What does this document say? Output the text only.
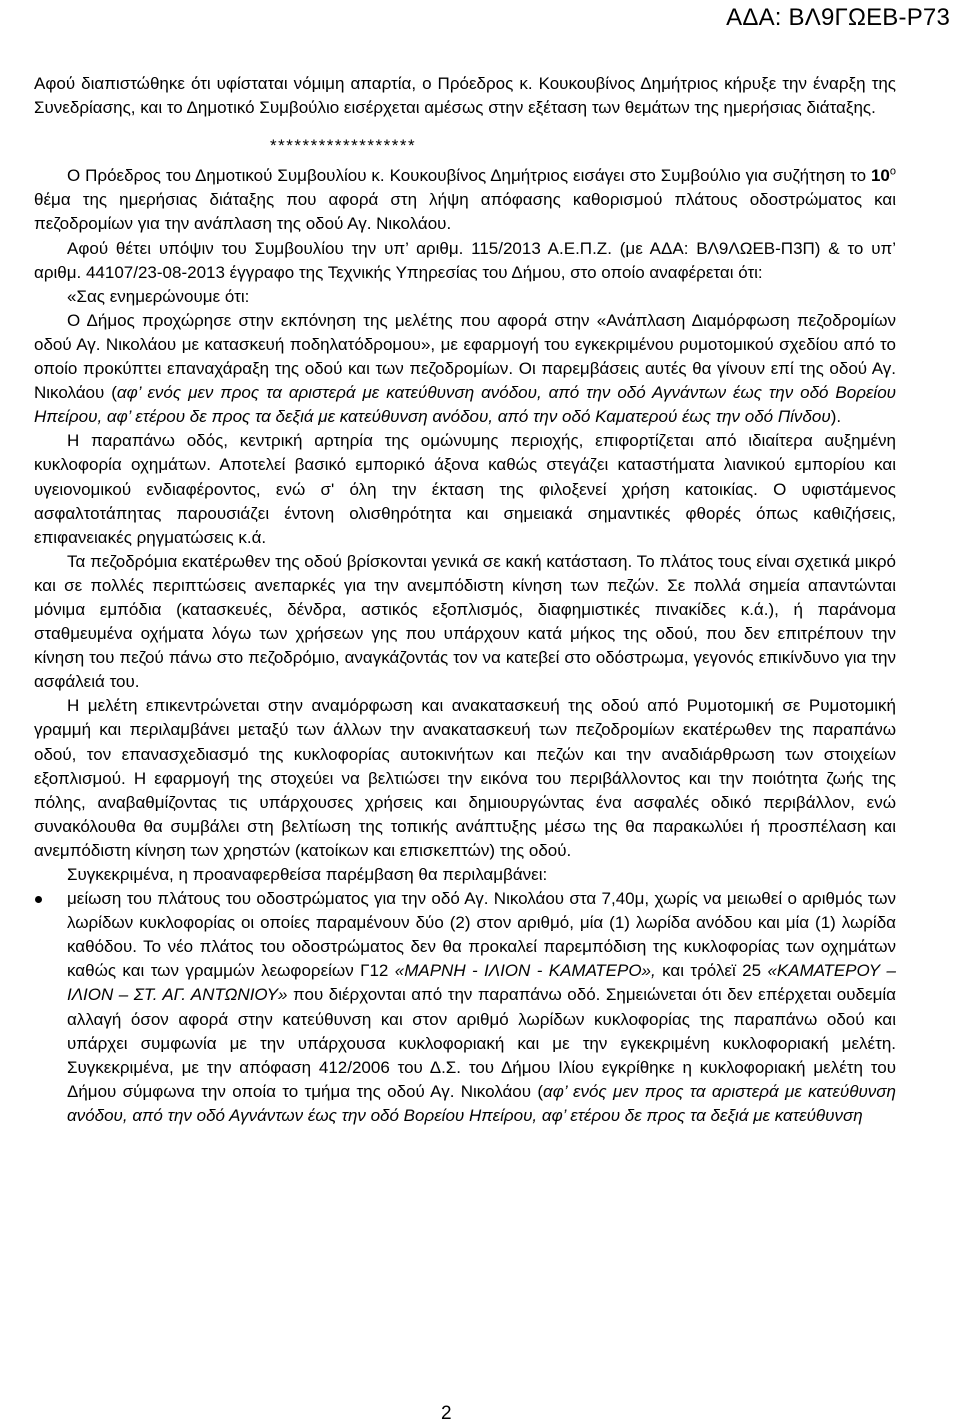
ΑΔΑ: ΒΛ9ΓΩΕΒ-Ρ73

Αφού διαπιστώθηκε ότι υφίσταται νόμιμη απαρτία, ο Πρόεδρος κ. Κουκουβίνος Δημήτριος κήρυξε την έναρξη της Συνεδρίασης, και το Δημοτικό Συμβούλιο εισέρχεται αμέσως στην εξέταση των θεμάτων της ημερήσιας διάταξης.

******************

Ο Πρόεδρος του Δημοτικού Συμβουλίου κ. Κουκουβίνος Δημήτριος εισάγει στο Συμβούλιο για συζήτηση το $10^o$ θέμα της ημερήσιας διάταξης που αφορά στη λήψη απόφασης καθορισμού πλάτους οδοστρώματος και πεζοδρομίων για την ανάπλαση της οδού Αγ. Νικολάου.

Αφού θέτει υπόψιν του Συμβουλίου την υπ’ αριθμ. 115/2013 Α.Ε.Π.Ζ. (με ΑΔΑ: ΒΛ9ΛΩΕΒ-Π3Π) & το υπ’ αριθμ. 44107/23-08-2013 έγγραφο της Τεχνικής Υπηρεσίας του Δήμου, στο οποίο αναφέρεται ότι:

«Σας ενημερώνουμε ότι:

Ο Δήμος προχώρησε στην εκπόνηση της μελέτης που αφορά στην «Ανάπλαση Διαμόρφωση πεζοδρομίων οδού Αγ. Νικολάου με κατασκευή ποδηλατόδρομου», με εφαρμογή του εγκεκριμένου ρυμοτομικού σχεδίου από το οποίο προκύπτει επαναχάραξη της οδού και των πεζοδρομίων. Οι παρεμβάσεις αυτές θα γίνουν επί της οδού Αγ. Νικολάου (αφ’ ενός μεν προς τα αριστερά με κατεύθυνση ανόδου, από την οδό Αγνάντων έως την οδό Βορείου Ηπείρου, αφ’ ετέρου δε προς τα δεξιά με κατεύθυνση ανόδου, από την οδό Καματερού έως την οδό Πίνδου).

Η παραπάνω οδός, κεντρική αρτηρία της ομώνυμης περιοχής, επιφορτίζεται από ιδιαίτερα αυξημένη κυκλοφορία οχημάτων. Αποτελεί βασικό εμπορικό άξονα καθώς στεγάζει καταστήματα λιανικού εμπορίου και υγειονομικού ενδιαφέροντος, ενώ σ' όλη την έκταση της φιλοξενεί χρήση κατοικίας. Ο υφιστάμενος ασφαλτοτάπητας παρουσιάζει έντονη ολισθηρότητα και σημειακά σημαντικές φθορές όπως καθιζήσεις, επιφανειακές ρηγματώσεις κ.ά.

Τα πεζοδρόμια εκατέρωθεν της οδού βρίσκονται γενικά σε κακή κατάσταση. Το πλάτος τους είναι σχετικά μικρό και σε πολλές περιπτώσεις ανεπαρκές για την ανεμπόδιστη κίνηση των πεζών. Σε πολλά σημεία απαντώνται μόνιμα εμπόδια (κατασκευές, δένδρα, αστικός εξοπλισμός, διαφημιστικές πινακίδες κ.ά.), ή παράνομα σταθμευμένα οχήματα λόγω των χρήσεων γης που υπάρχουν κατά μήκος της οδού, που δεν επιτρέπουν την κίνηση του πεζού πάνω στο πεζοδρόμιο, αναγκάζοντάς τον να κατεβεί στο οδόστρωμα, γεγονός επικίνδυνο για την ασφάλειά του.

Η μελέτη επικεντρώνεται στην αναμόρφωση και ανακατασκευή της οδού από Ρυμοτομική σε Ρυμοτομική γραμμή και περιλαμβάνει μεταξύ των άλλων την ανακατασκευή των πεζοδρομίων εκατέρωθεν της παραπάνω οδού, τον επανασχεδιασμό της κυκλοφορίας αυτοκινήτων και πεζών και την αναδιάρθρωση των στοιχείων εξοπλισμού. Η εφαρμογή της στοχεύει να βελτιώσει την εικόνα του περιβάλλοντος και την ποιότητα ζωής της πόλης, αναβαθμίζοντας τις υπάρχουσες χρήσεις και δημιουργώντας ένα ασφαλές οδικό περιβάλλον, ενώ συνακόλουθα θα συμβάλει στη βελτίωση της τοπικής ανάπτυξης μέσω της θα παρακωλύει ή προσπέλαση και ανεμπόδιστη κίνηση των χρηστών (κατοίκων και επισκεπτών) της οδού.

Συγκεκριμένα, η προαναφερθείσα παρέμβαση θα περιλαμβάνει:

μείωση του πλάτους του οδοστρώματος για την οδό Αγ. Νικολάου στα 7,40μ, χωρίς να μειωθεί ο αριθμός των λωρίδων κυκλοφορίας οι οποίες παραμένουν δύο (2) στον αριθμό, μία (1) λωρίδα ανόδου και μία (1) λωρίδα καθόδου. Το νέο πλάτος του οδοστρώματος δεν θα προκαλεί παρεμπόδιση της κυκλοφορίας των οχημάτων καθώς και των γραμμών λεωφορείων Γ12 «ΜΑΡΝΗ - ΙΛΙΟΝ - ΚΑΜΑΤΕΡΟ», και τρόλεϊ 25 «ΚΑΜΑΤΕΡΟΥ – ΙΛΙΟΝ – ΣΤ. ΑΓ. ΑΝΤΩΝΙΟΥ» που διέρχονται από την παραπάνω οδό. Σημειώνεται ότι δεν επέρχεται ουδεμία αλλαγή όσον αφορά στην κατεύθυνση και στον αριθμό λωρίδων κυκλοφορίας της παραπάνω οδού και υπάρχει συμφωνία με την υπάρχουσα κυκλοφοριακή και με την εγκεκριμένη κυκλοφοριακή μελέτη. Συγκεκριμένα, με την απόφαση 412/2006 του Δ.Σ. του Δήμου Ιλίου εγκρίθηκε η κυκλοφοριακή μελέτη του Δήμου σύμφωνα την οποία το τμήμα της οδού Αγ. Νικολάου (αφ’ ενός μεν προς τα αριστερά με κατεύθυνση ανόδου, από την οδό Αγνάντων έως την οδό Βορείου Ηπείρου, αφ’ ετέρου δε προς τα δεξιά με κατεύθυνση

2
